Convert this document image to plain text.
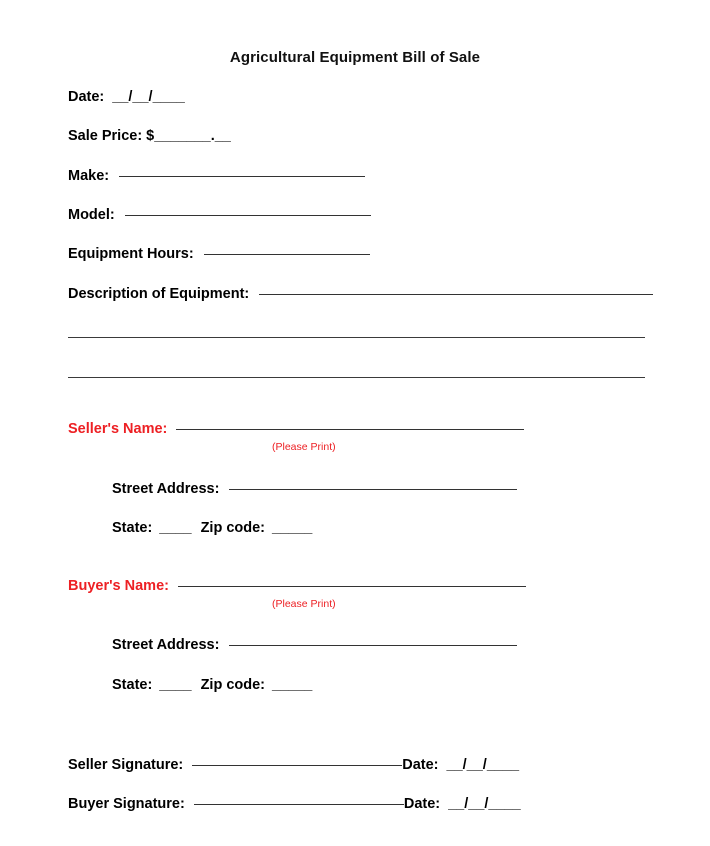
Agricultural Equipment Bill of Sale
Date: __/__/____
Sale Price: $ _______.__
Make:
Model:
Equipment Hours:
Description of Equipment:
Seller's Name:
(Please Print)
Street Address:
State: ____ Zip code: _____
Buyer's Name:
(Please Print)
Street Address:
State: ____ Zip code: _____
Seller Signature:	Date: __/__/____
Buyer Signature:	Date: __/__/____
